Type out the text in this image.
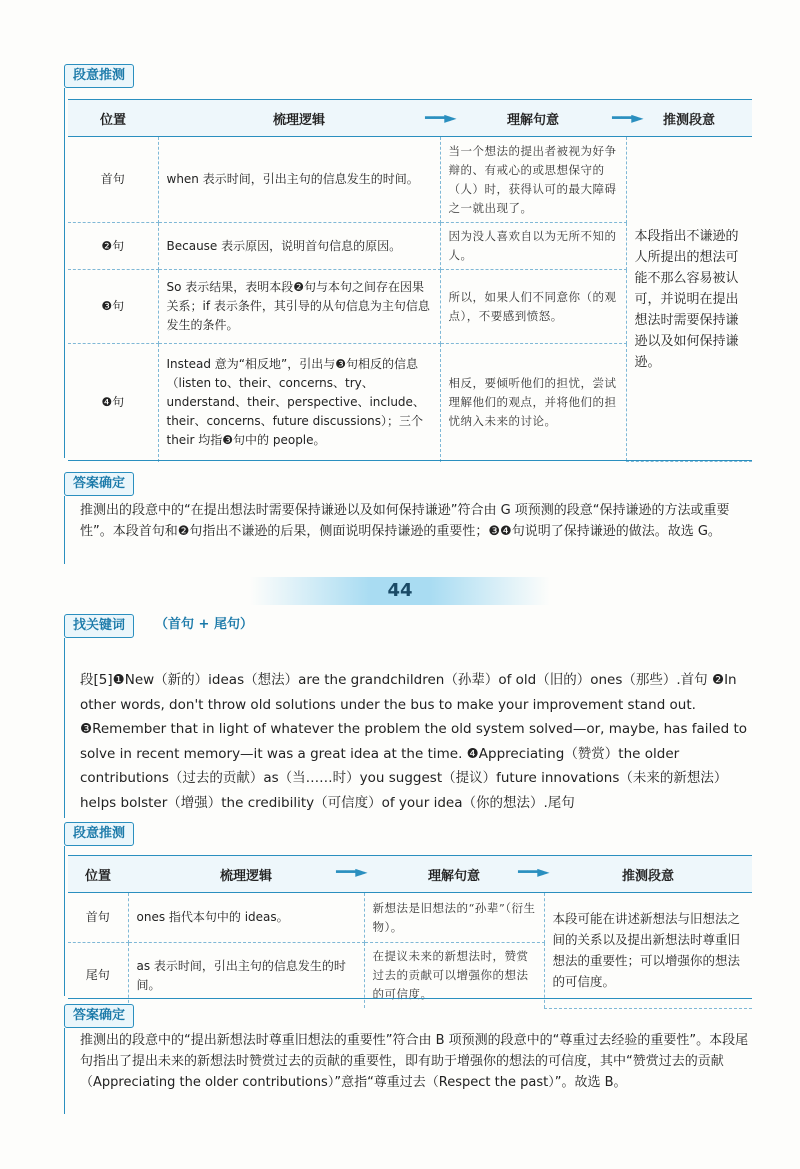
段意推测
位置	梳理逻辑	理解句意	推测段意
首句	when 表示时间，引出主句的信息发生的时间。	当一个想法的提出者被视为好争辩的、有戒心的或思想保守的（人）时，获得认可的最大障碍之一就出现了。	本段指出不谦逊的人所提出的想法可能不那么容易被认可，并说明在提出想法时需要保持谦逊以及如何保持谦逊。
❷句	Because 表示原因，说明首句信息的原因。	因为没人喜欢自以为无所不知的人。	
❸句	So 表示结果，表明本段❷句与本句之间存在因果关系；if 表示条件，其引导的从句信息为主句信息发生的条件。	所以，如果人们不同意你（的观点），不要感到愤怒。	
❹句	Instead 意为“相反地”，引出与❸句相反的信息（listen to、their、concerns、try、understand、their、perspective、include、their、concerns、future discussions）；三个 their 均指❸句中的 people。	相反，要倾听他们的担忧，尝试理解他们的观点，并将他们的担忧纳入未来的讨论。	
━━►	━━►
答案确定
推测出的段意中的“在提出想法时需要保持谦逊以及如何保持谦逊”符合由 G 项预测的段意“保持谦逊的方法或重要性”。本段首句和❷句指出不谦逊的后果，侧面说明保持谦逊的重要性；❸❹句说明了保持谦逊的做法。故选 G。
44
找关键词	（首句 + 尾句）
段[5]❶New（新的）ideas（想法）are the grandchildren（孙辈）of old（旧的）ones（那些）.首句 ❷In other words, don't throw old solutions under the bus to make your improvement stand out. ❸Remember that in light of whatever the problem the old system solved—or, maybe, has failed to solve in recent memory—it was a great idea at the time. ❹Appreciating（赞赏）the older contributions（过去的贡献）as（当……时）you suggest（提议）future innovations（未来的新想法）helps bolster（增强）the credibility（可信度）of your idea（你的想法）.尾句
段意推测
位置	梳理逻辑	理解句意	推测段意
首句	ones 指代本句中的 ideas。	新想法是旧想法的“孙辈”（衍生物）。	本段可能在讲述新想法与旧想法之间的关系以及提出新想法时尊重旧想法的重要性；可以增强你的想法的可信度。
尾句	as 表示时间，引出主句的信息发生的时间。	在提议未来的新想法时，赞赏过去的贡献可以增强你的想法的可信度。	
━━►	━━►
答案确定
推测出的段意中的“提出新想法时尊重旧想法的重要性”符合由 B 项预测的段意中的“尊重过去经验的重要性”。本段尾句指出了提出未来的新想法时赞赏过去的贡献的重要性，即有助于增强你的想法的可信度，其中“赞赏过去的贡献（Appreciating the older contributions）”意指“尊重过去（Respect the past）”。故选 B。
